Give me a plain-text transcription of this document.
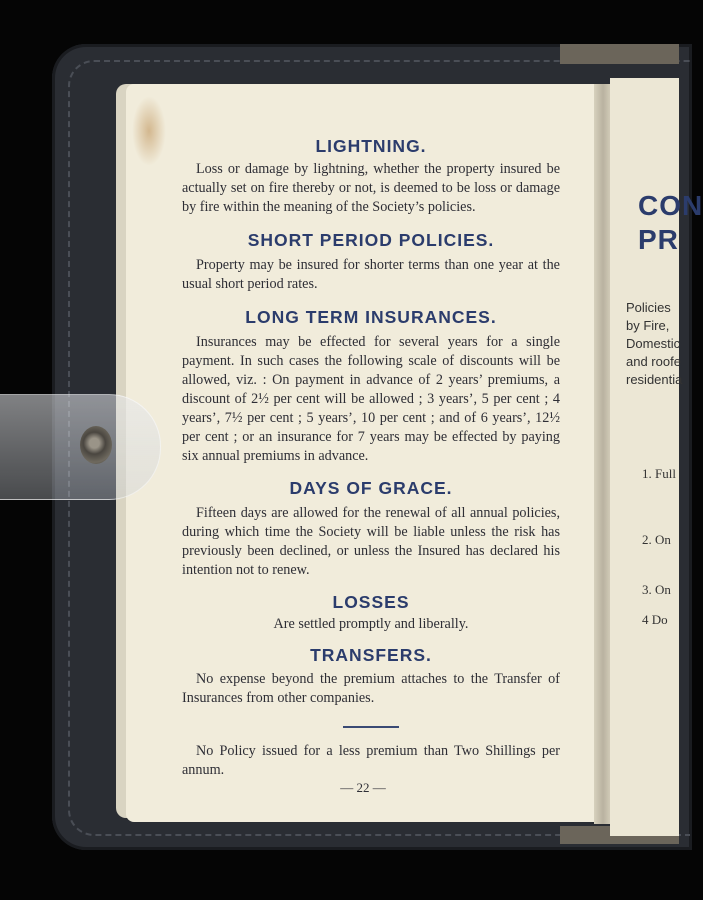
CON
PR
Policies
by Fire,
Domestic
and roofe
residentia
1. Full
2. On
3. On
4 Do
LIGHTNING.

Loss or damage by lightning, whether the property insured be actually set on fire thereby or not, is deemed to be loss or damage by fire within the meaning of the Society’s policies.

SHORT PERIOD POLICIES.

Property may be insured for shorter terms than one year at the usual short period rates.

LONG TERM INSURANCES.

Insurances may be effected for several years for a single payment. In such cases the following scale of discounts will be allowed, viz. : On payment in advance of 2 years’ premiums, a discount of 2½ per cent will be allowed ; 3 years’, 5 per cent ; 4 years’, 7½ per cent ; 5 years’, 10 per cent ; and of 6 years’, 12½ per cent ; or an insurance for 7 years may be effected by paying six annual premiums in advance.

DAYS OF GRACE.

Fifteen days are allowed for the renewal of all annual policies, during which time the Society will be liable unless the risk has previously been declined, or unless the Insured has declared his intention not to renew.

LOSSES

Are settled promptly and liberally.

TRANSFERS.

No expense beyond the premium attaches to the Transfer of Insurances from other companies.

No Policy issued for a less premium than Two Shillings per annum.

— 22 —
